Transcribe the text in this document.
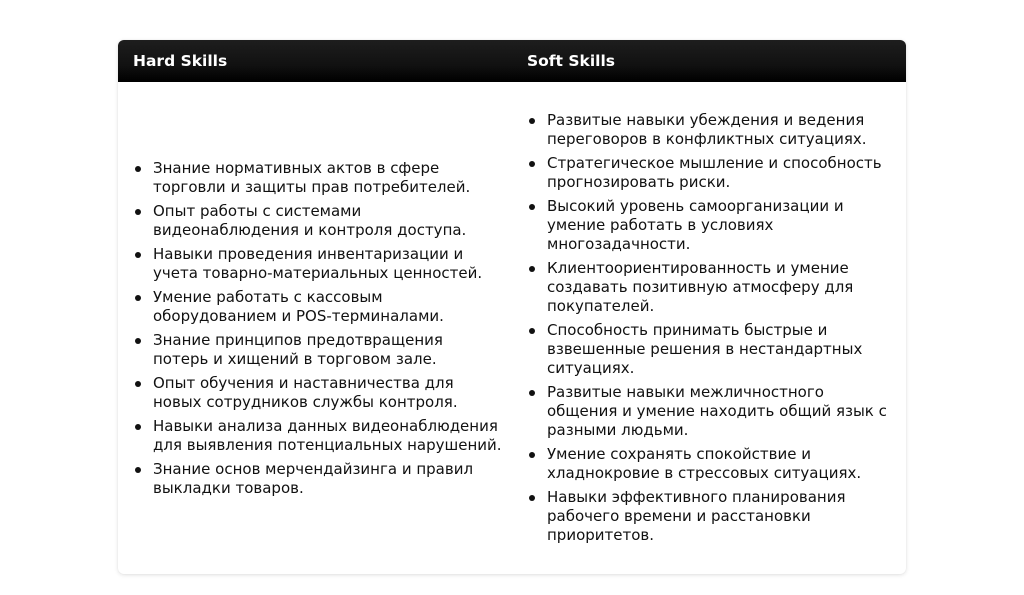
Hard Skills	Soft Skills
Знание нормативных актов в сфере торговли и защиты прав потребителей.
Опыт работы с системами видеонаблюдения и контроля доступа.
Навыки проведения инвентаризации и учета товарно-материальных ценностей.
Умение работать с кассовым оборудованием и POS-терминалами.
Знание принципов предотвращения потерь и хищений в торговом зале.
Опыт обучения и наставничества для новых сотрудников службы контроля.
Навыки анализа данных видеонаблюдения для выявления потенциальных нарушений.
Знание основ мерчендайзинга и правил выкладки товаров.
Развитые навыки убеждения и ведения переговоров в конфликтных ситуациях.
Стратегическое мышление и способность прогнозировать риски.
Высокий уровень самоорганизации и умение работать в условиях многозадачности.
Клиентоориентированность и умение создавать позитивную атмосферу для покупателей.
Способность принимать быстрые и взвешенные решения в нестандартных ситуациях.
Развитые навыки межличностного общения и умение находить общий язык с разными людьми.
Умение сохранять спокойствие и хладнокровие в стрессовых ситуациях.
Навыки эффективного планирования рабочего времени и расстановки приоритетов.
